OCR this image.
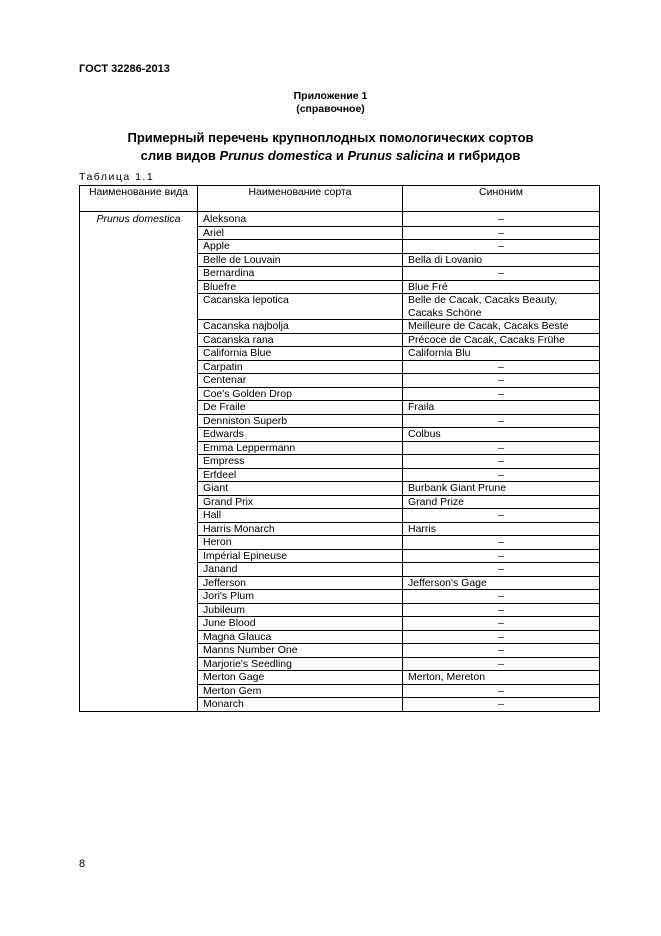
ГОСТ 32286-2013
Приложение 1
(справочное)
Примерный перечень крупноплодных помологических сортов
слив видов Prunus domestica и Prunus salicina и гибридов
Таблица 1.1
Наименование вида	Наименование сорта	Синоним
Prunus domestica	Aleksona	–
	Ariel	–
	Apple	–
	Belle de Louvain	Bella di Lovanio
	Bernardina	–
	Bluefre	Blue Fré
	Cacanska lepotica	Belle de Cacak, Cacaks Beauty, Cacaks Schöne
	Cacanska najbolja	Meilleure de Cacak, Cacaks Beste
	Cacanska rana	Précoce de Cacak, Cacaks Frühe
	California Blue	California Blu
	Carpatin	–
	Centenar	–
	Coe's Golden Drop	–
	De Fraile	Fraila
	Denniston Superb	–
	Edwards	Colbus
	Emma Leppermann	–
	Empress	–
	Erfdeel	–
	Giant	Burbank Giant Prune
	Grand Prix	Grand Prize
	Hall	–
	Harris Monarch	Harris
	Heron	–
	Impérial Epineuse	–
	Janand	–
	Jefferson	Jefferson's Gage
	Jori's Plum	–
	Jubileum	–
	June Blood	–
	Magna Glauca	–
	Manns Number One	–
	Marjorie's Seedling	–
	Merton Gage	Merton, Mereton
	Merton Gem	–
	Monarch	–
8
